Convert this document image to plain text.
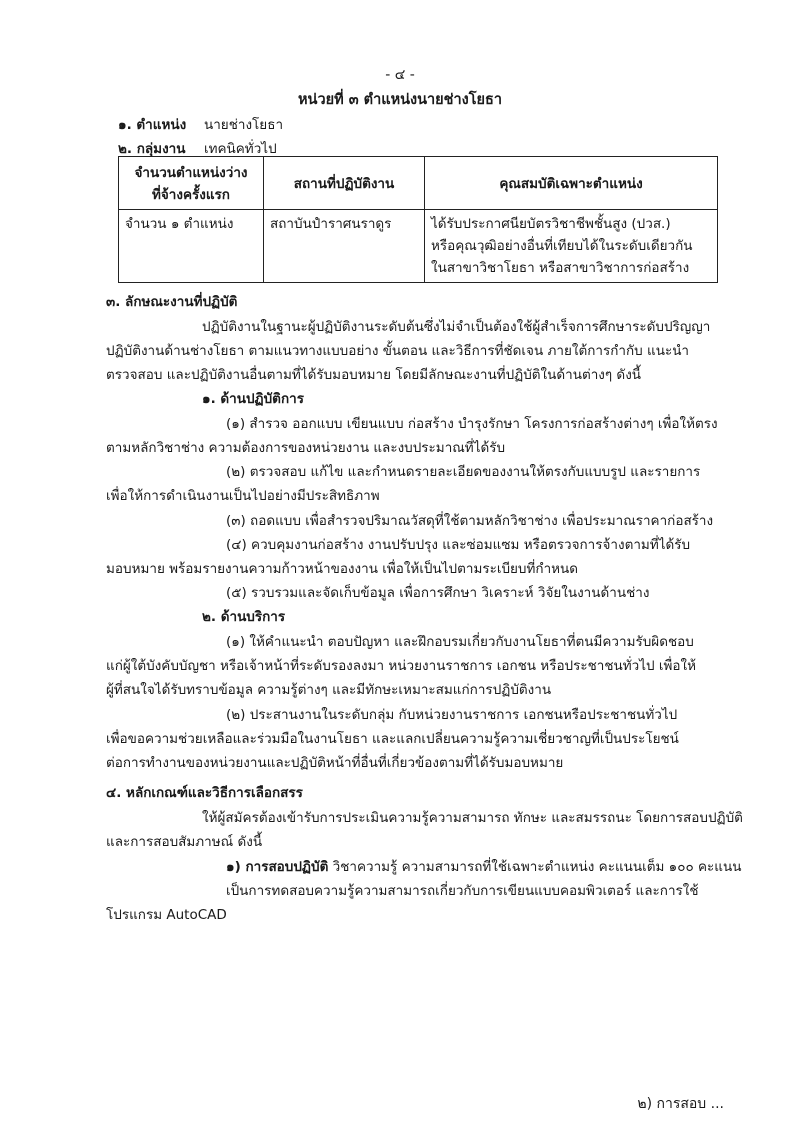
- ๔ -
หน่วยที่ ๓ ตำแหน่งนายช่างโยธา
๑. ตำแหน่ง นายช่างโยธา
๒. กลุ่มงาน เทคนิคทั่วไป
จำนวนตำแหน่งว่าง
ที่จ้างครั้งแรก	สถานที่ปฏิบัติงาน	คุณสมบัติเฉพาะตำแหน่ง
จำนวน ๑ ตำแหน่ง	สถาบันปำราศนราดูร	ได้รับประกาศนียบัตรวิชาชีพชั้นสูง (ปวส.)
หรือคุณวุฒิอย่างอื่นที่เทียบได้ในระดับเดียวกัน
ในสาขาวิชาโยธา หรือสาขาวิชาการก่อสร้าง
๓. ลักษณะงานที่ปฏิบัติ
ปฏิบัติงานในฐานะผู้ปฏิบัติงานระดับต้นซึ่งไม่จำเป็นต้องใช้ผู้สำเร็จการศึกษาระดับปริญญา
ปฏิบัติงานด้านช่างโยธา ตามแนวทางแบบอย่าง ขั้นตอน และวิธีการที่ชัดเจน ภายใต้การกำกับ แนะนำ
ตรวจสอบ และปฏิบัติงานอื่นตามที่ได้รับมอบหมาย โดยมีลักษณะงานที่ปฏิบัติในด้านต่างๆ ดังนี้
๑. ด้านปฏิบัติการ
(๑) สำรวจ ออกแบบ เขียนแบบ ก่อสร้าง บำรุงรักษา โครงการก่อสร้างต่างๆ เพื่อให้ตรง
ตามหลักวิชาช่าง ความต้องการของหน่วยงาน และงบประมาณที่ได้รับ
(๒) ตรวจสอบ แก้ไข และกำหนดรายละเอียดของงานให้ตรงกับแบบรูป และรายการ
เพื่อให้การดำเนินงานเป็นไปอย่างมีประสิทธิภาพ
(๓) ถอดแบบ เพื่อสำรวจปริมาณวัสดุที่ใช้ตามหลักวิชาช่าง เพื่อประมาณราคาก่อสร้าง
(๔) ควบคุมงานก่อสร้าง งานปรับปรุง และซ่อมแซม หรือตรวจการจ้างตามที่ได้รับ
มอบหมาย พร้อมรายงานความก้าวหน้าของงาน เพื่อให้เป็นไปตามระเบียบที่กำหนด
(๕) รวบรวมและจัดเก็บข้อมูล เพื่อการศึกษา วิเคราะห์ วิจัยในงานด้านช่าง
๒. ด้านบริการ
(๑) ให้คำแนะนำ ตอบปัญหา และฝึกอบรมเกี่ยวกับงานโยธาที่ตนมีความรับผิดชอบ
แก่ผู้ใต้บังคับบัญชา หรือเจ้าหน้าที่ระดับรองลงมา หน่วยงานราชการ เอกชน หรือประชาชนทั่วไป เพื่อให้
ผู้ที่สนใจได้รับทราบข้อมูล ความรู้ต่างๆ และมีทักษะเหมาะสมแก่การปฏิบัติงาน
(๒) ประสานงานในระดับกลุ่ม กับหน่วยงานราชการ เอกชนหรือประชาชนทั่วไป
เพื่อขอความช่วยเหลือและร่วมมือในงานโยธา และแลกเปลี่ยนความรู้ความเชี่ยวชาญที่เป็นประโยชน์
ต่อการทำงานของหน่วยงานและปฏิบัติหน้าที่อื่นที่เกี่ยวข้องตามที่ได้รับมอบหมาย
๔. หลักเกณฑ์และวิธีการเลือกสรร
ให้ผู้สมัครต้องเข้ารับการประเมินความรู้ความสามารถ ทักษะ และสมรรถนะ โดยการสอบปฏิบัติ
และการสอบสัมภาษณ์ ดังนี้
๑) การสอบปฏิบัติ วิชาความรู้ ความสามารถที่ใช้เฉพาะตำแหน่ง คะแนนเต็ม ๑๐๐ คะแนน
เป็นการทดสอบความรู้ความสามารถเกี่ยวกับการเขียนแบบคอมพิวเตอร์ และการใช้
โปรแกรม AutoCAD
๒) การสอบ ...
